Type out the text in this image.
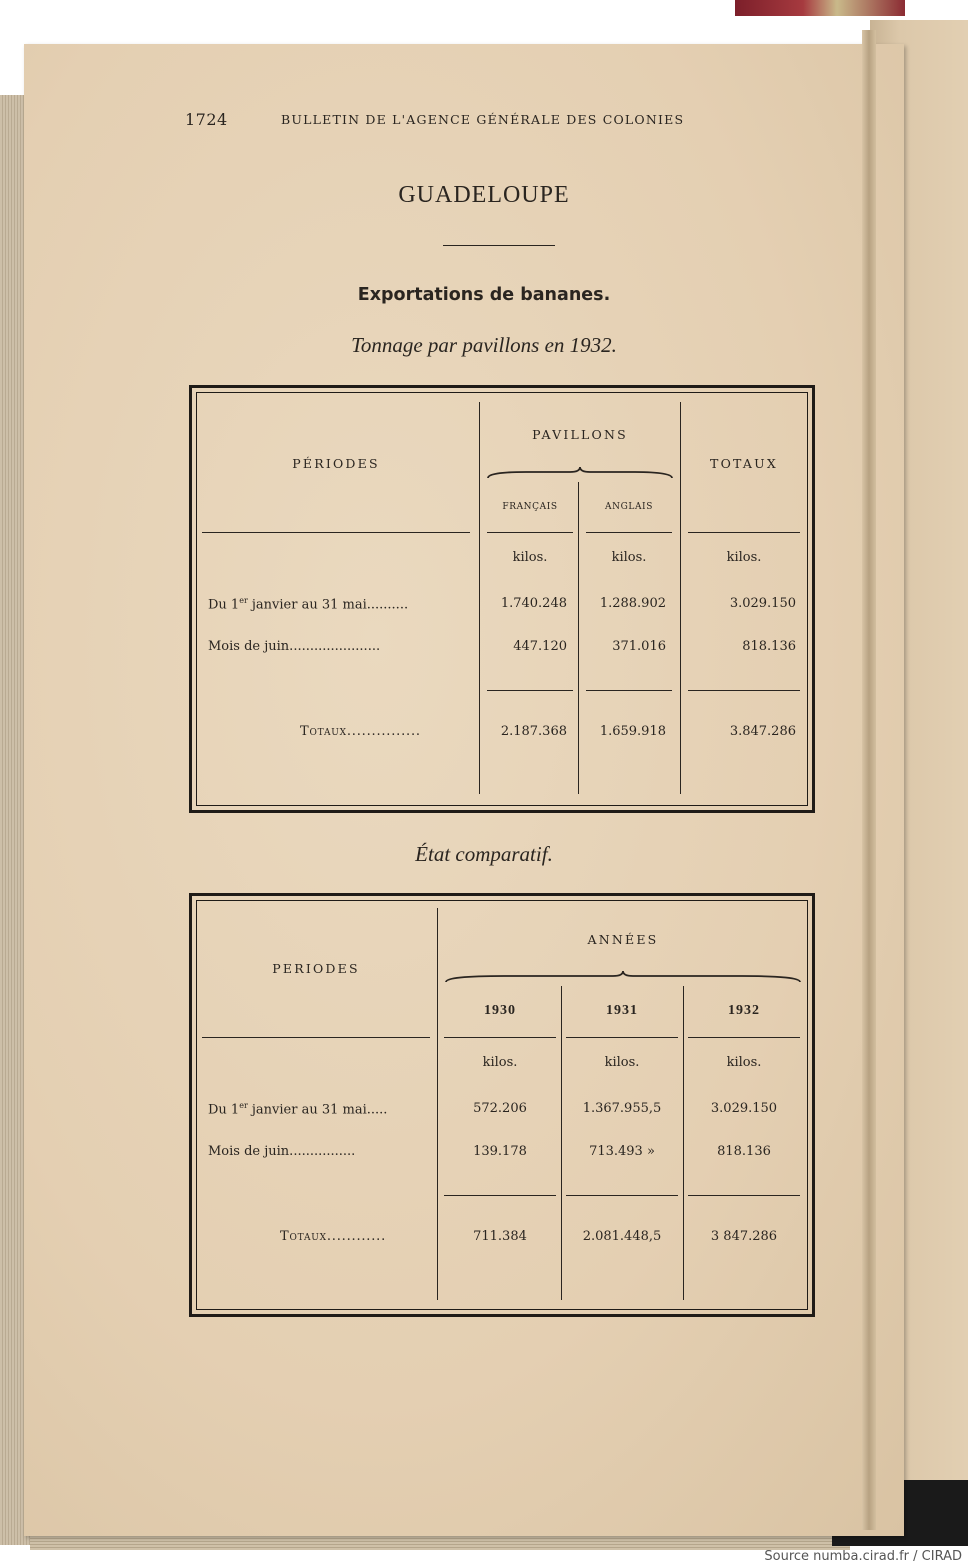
1724	BULLETIN DE L'AGENCE GÉNÉRALE DES COLONIES
GUADELOUPE
Exportations de bananes.
Tonnage par pavillons en 1932.
PÉRIODES
PAVILLONS
TOTAUX
FRANÇAIS	ANGLAIS
kilos.	kilos.	kilos.
Du 1er janvier au 31 mai..........	1.740.248	1.288.902	3.029.150
Mois de juin......................	447.120	371.016	818.136
Totaux...............	2.187.368	1.659.918	3.847.286
État comparatif.
PERIODES
ANNÉES
1930	1931	1932
kilos.	kilos.	kilos.
Du 1er janvier au 31 mai.....	572.206	1.367.955,5	3.029.150
Mois de juin................	139.178	713.493 »	818.136
Totaux............	711.384	2.081.448,5	3 847.286
Source numba.cirad.fr / CIRAD
